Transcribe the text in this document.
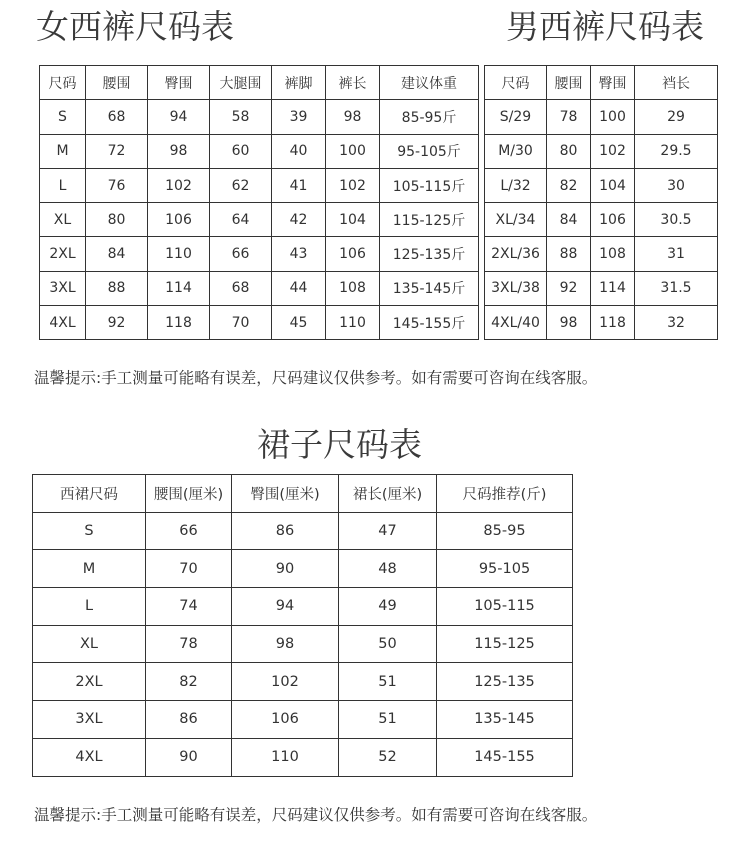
女西裤尺码表	男西裤尺码表
尺码	腰围	臀围	大腿围	裤脚	裤长	建议体重
S	68	94	58	39	98	85-95斤
M	72	98	60	40	100	95-105斤
L	76	102	62	41	102	105-115斤
XL	80	106	64	42	104	115-125斤
2XL	84	110	66	43	106	125-135斤
3XL	88	114	68	44	108	135-145斤
4XL	92	118	70	45	110	145-155斤
尺码	腰围	臀围	裆长
S/29	78	100	29
M/30	80	102	29.5
L/32	82	104	30
XL/34	84	106	30.5
2XL/36	88	108	31
3XL/38	92	114	31.5
4XL/40	98	118	32
温馨提示:手工测量可能略有误差，尺码建议仅供参考。如有需要可咨询在线客服。
裙子尺码表
西裙尺码	腰围(厘米)	臀围(厘米)	裙长(厘米)	尺码推荐(斤)
S	66	86	47	85-95
M	70	90	48	95-105
L	74	94	49	105-115
XL	78	98	50	115-125
2XL	82	102	51	125-135
3XL	86	106	51	135-145
4XL	90	110	52	145-155
温馨提示:手工测量可能略有误差，尺码建议仅供参考。如有需要可咨询在线客服。
